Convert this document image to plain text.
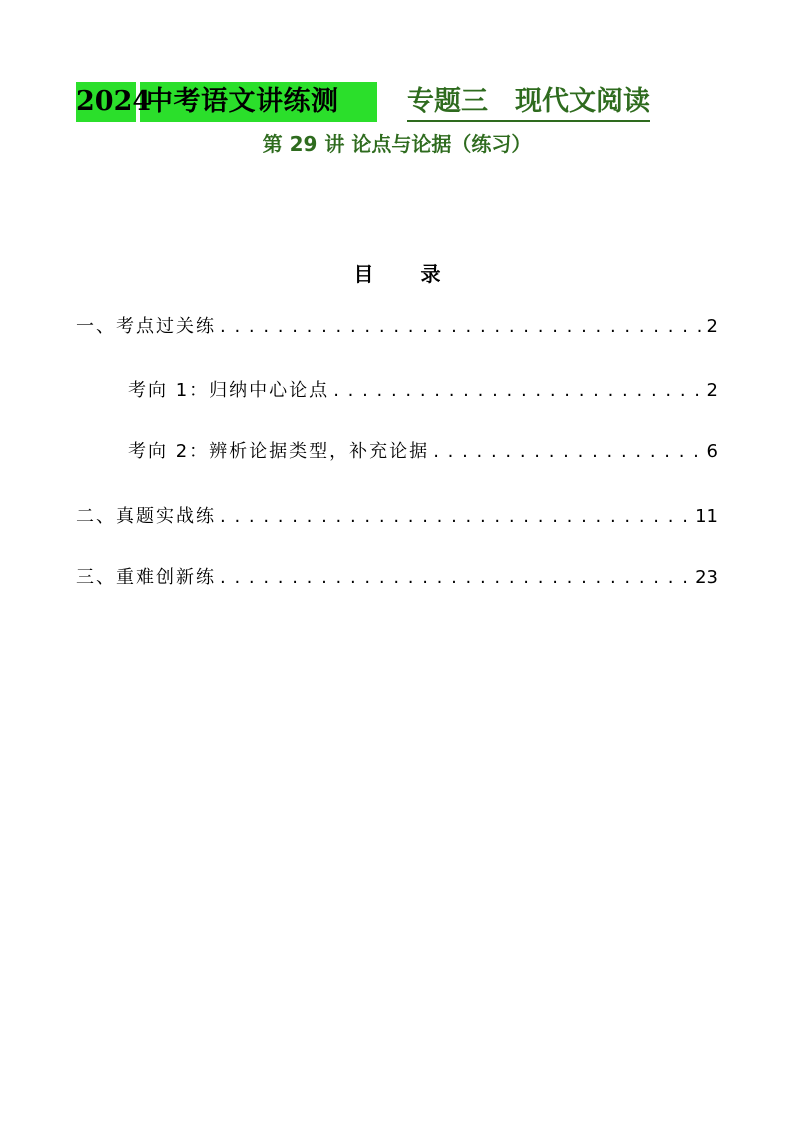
2024
中考语文讲练测	专题三　现代文阅读
第 29 讲 论点与论据（练习）
目 录
一、考点过关练 . . .	2
考向 1：归纳中心论点 . . .	2
考向 2：辨析论据类型，补充论据 . . .	6
二、真题实战练 . . .	11
三、重难创新练 . . .	23
